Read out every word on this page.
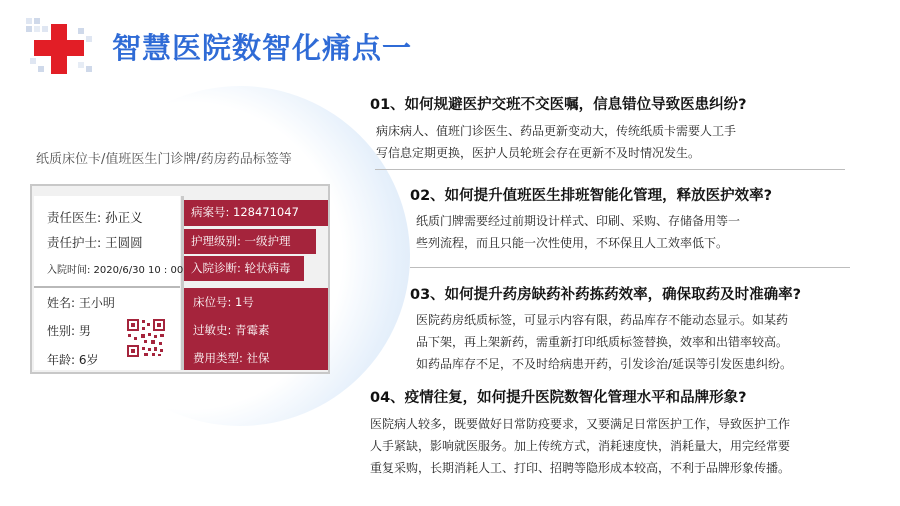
智慧医院数智化痛点一
纸质床位卡/值班医生门诊牌/药房药品标签等
责任医生: 孙正义
责任护士: 王圆圆
入院时间: 2020/6/30 10 : 00
姓名: 王小明
性别: 男
年龄: 6岁
病案号: 128471047
护理级别: 一级护理
入院诊断: 轮状病毒
床位号: 1号
过敏史: 青霉素
费用类型: 社保
01、如何规避医护交班不交医嘱，信息错位导致医患纠纷?
病床病人、值班门诊医生、药品更新变动大，传统纸质卡需要人工手
写信息定期更换，医护人员轮班会存在更新不及时情况发生。
02、如何提升值班医生排班智能化管理，释放医护效率?
纸质门牌需要经过前期设计样式、印刷、采购、存储备用等一
些列流程，而且只能一次性使用，不环保且人工效率低下。
03、如何提升药房缺药补药拣药效率，确保取药及时准确率?
医院药房纸质标签，可显示内容有限，药品库存不能动态显示。如某药
品下架，再上架新药，需重新打印纸质标签替换，效率和出错率较高。
如药品库存不足，不及时给病患开药，引发诊治/延误等引发医患纠纷。
04、疫情往复，如何提升医院数智化管理水平和品牌形象?
医院病人较多，既要做好日常防疫要求，又要满足日常医护工作，导致医护工作
人手紧缺，影响就医服务。加上传统方式，消耗速度快，消耗量大，用完经常要
重复采购，长期消耗人工、打印、招聘等隐形成本较高，不利于品牌形象传播。
